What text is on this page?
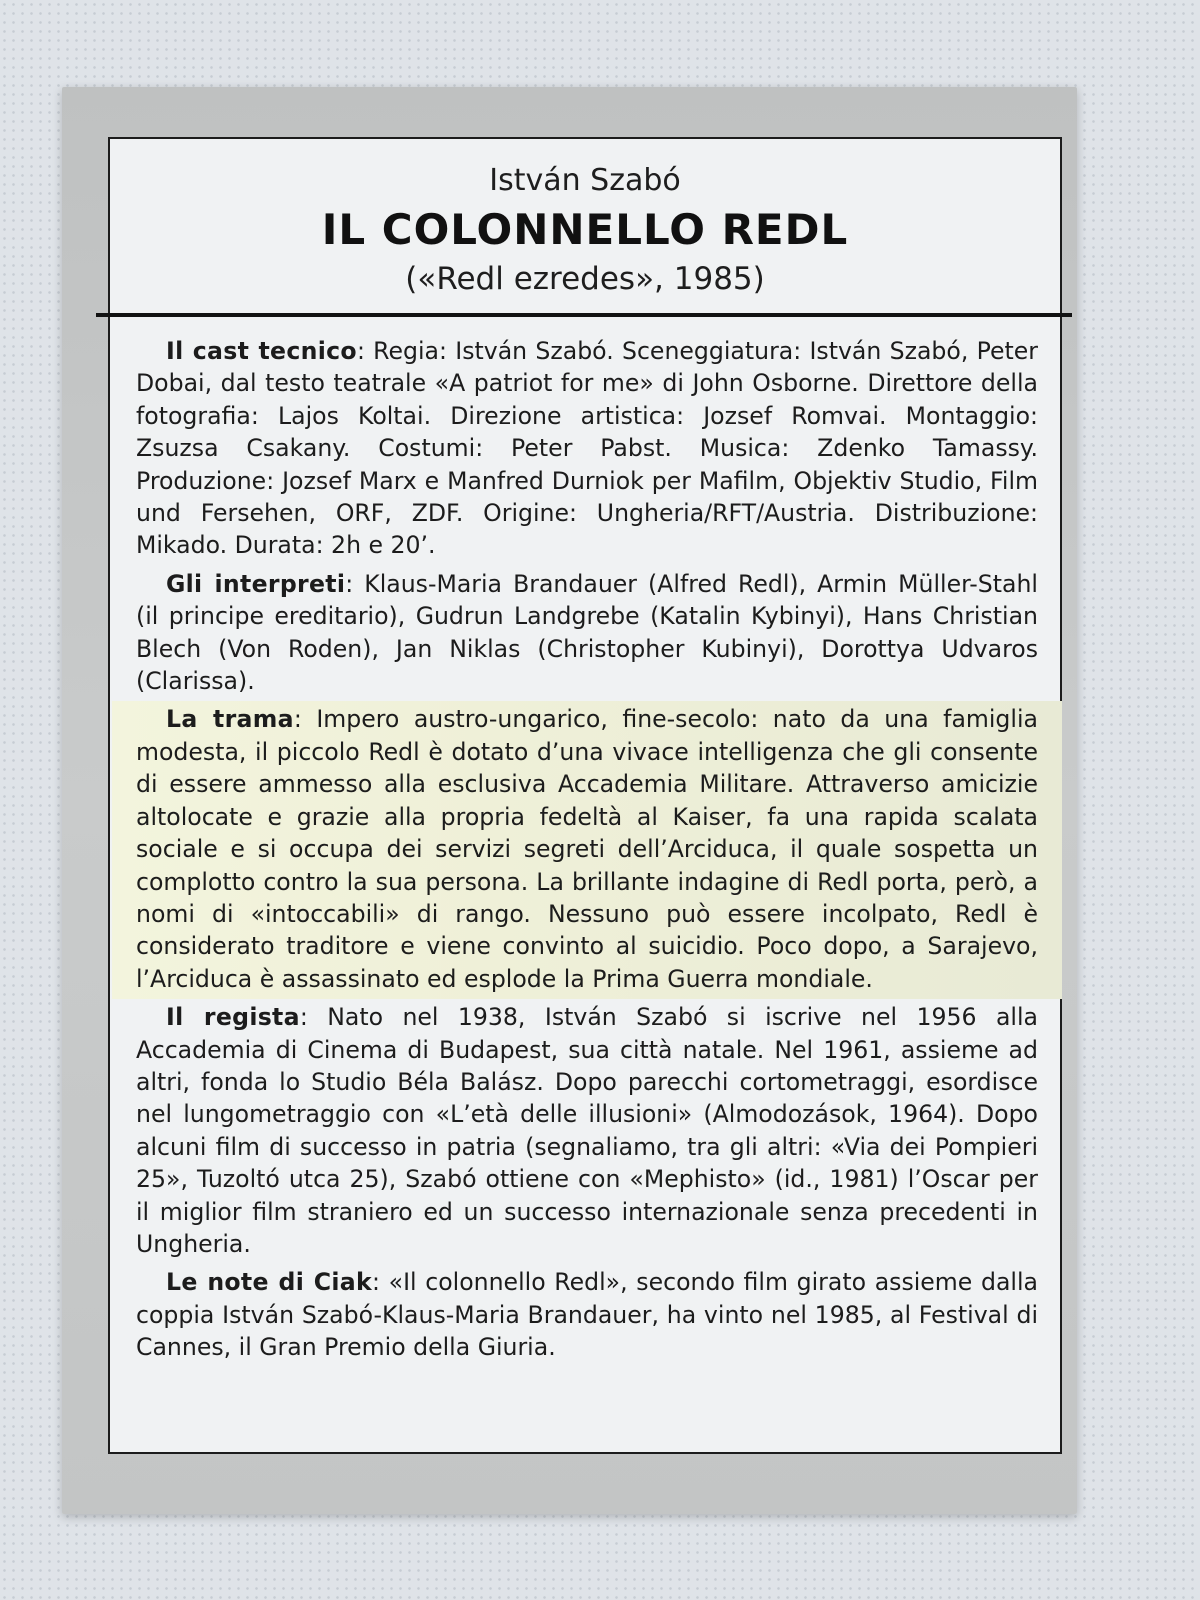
István Szabó
IL COLONNELLO REDL
(«Redl ezredes», 1985)

Il cast tecnico: Regia: István Szabó. Sceneggiatura: István Szabó, Peter Dobai, dal testo teatrale «A patriot for me» di John Osborne. Direttore della fotografia: Lajos Koltai. Direzione artistica: Jozsef Romvai. Montaggio: Zsuzsa Csakany. Costumi: Peter Pabst. Musica: Zdenko Tamassy. Produzione: Jozsef Marx e Manfred Durniok per Mafilm, Objektiv Studio, Film und Fersehen, ORF, ZDF. Origine: Ungheria/RFT/Austria. Distribuzione: Mikado. Durata: 2h e 20’.

Gli interpreti: Klaus-Maria Brandauer (Alfred Redl), Armin Müller-Stahl (il principe ereditario), Gudrun Landgrebe (Katalin Kybinyi), Hans Christian Blech (Von Roden), Jan Niklas (Christopher Kubinyi), Dorottya Udvaros (Clarissa).

La trama: Impero austro-ungarico, fine-secolo: nato da una famiglia modesta, il piccolo Redl è dotato d’una vivace intelligenza che gli consente di essere ammesso alla esclusiva Accademia Militare. Attraverso amicizie altolocate e grazie alla propria fedeltà al Kaiser, fa una rapida scalata sociale e si occupa dei servizi segreti dell’Arciduca, il quale sospetta un complotto contro la sua persona. La brillante indagine di Redl porta, però, a nomi di «intoccabili» di rango. Nessuno può essere incolpato, Redl è considerato traditore e viene convinto al suicidio. Poco dopo, a Sarajevo, l’Arciduca è assassinato ed esplode la Prima Guerra mondiale.

Il regista: Nato nel 1938, István Szabó si iscrive nel 1956 alla Accademia di Cinema di Budapest, sua città natale. Nel 1961, assieme ad altri, fonda lo Studio Béla Balász. Dopo parecchi cortometraggi, esordisce nel lungometraggio con «L’età delle illusioni» (Almodozások, 1964). Dopo alcuni film di successo in patria (segnaliamo, tra gli altri: «Via dei Pompieri 25», Tuzoltó utca 25), Szabó ottiene con «Mephisto» (id., 1981) l’Oscar per il miglior film straniero ed un successo internazionale senza precedenti in Ungheria.

Le note di Ciak: «Il colonnello Redl», secondo film girato assieme dalla coppia István Szabó-Klaus-Maria Brandauer, ha vinto nel 1985, al Festival di Cannes, il Gran Premio della Giuria.
